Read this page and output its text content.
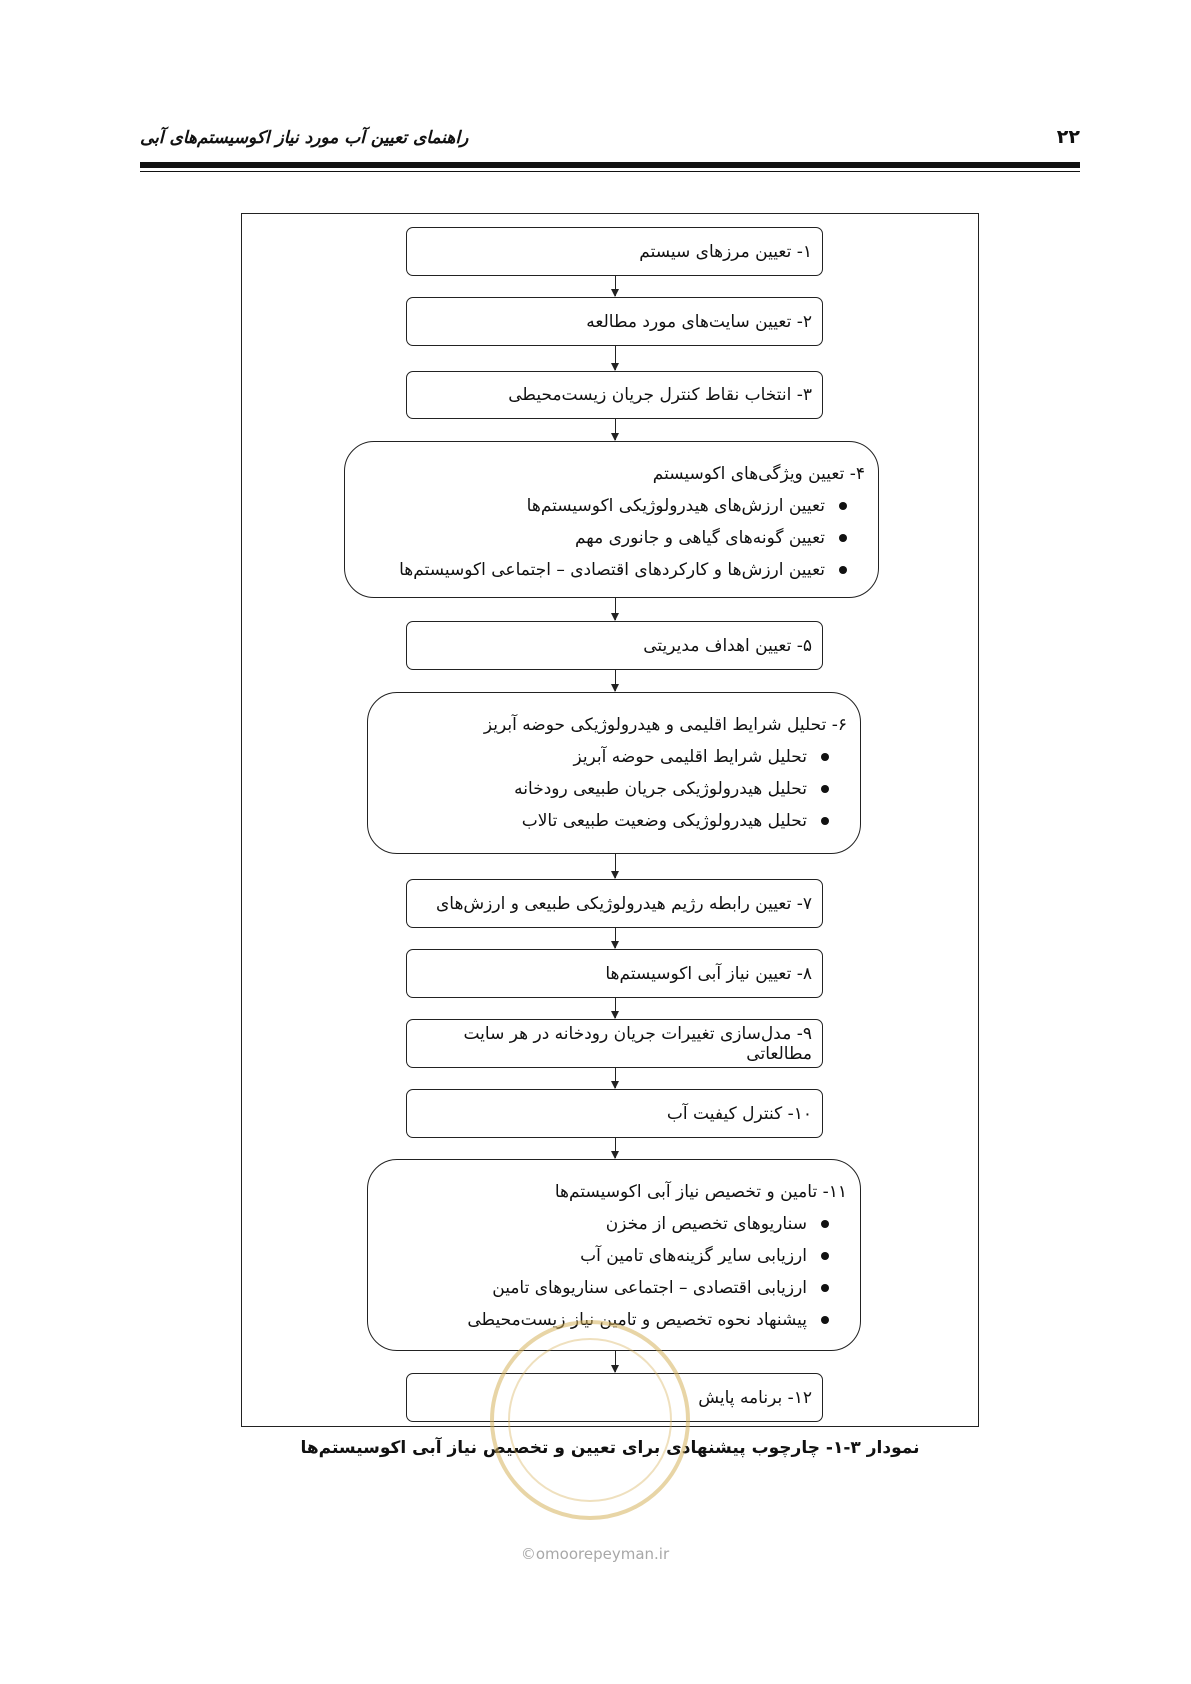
راهنمای تعیین آب مورد نیاز اکوسیستم‌های آبی	۲۲
۱- تعیین مرزهای سیستم
۲- تعیین سایت‌های مورد مطالعه
۳- انتخاب نقاط کنترل جریان زیست‌محیطی
۴- تعیین ویژگی‌های اکوسیستم
تعیین ارزش‌های هیدرولوژیکی اکوسیستم‌ها
تعیین گونه‌های گیاهی و جانوری مهم
تعیین ارزش‌ها و کارکردهای اقتصادی – اجتماعی اکوسیستم‌ها
۵- تعیین اهداف مدیریتی
۶- تحلیل شرایط اقلیمی و هیدرولوژیکی حوضه آبریز
تحلیل شرایط اقلیمی حوضه آبریز
تحلیل هیدرولوژیکی جریان طبیعی رودخانه
تحلیل هیدرولوژیکی وضعیت طبیعی تالاب
۷- تعیین رابطه رژیم هیدرولوژیکی طبیعی و ارزش‌های
۸- تعیین نیاز آبی اکوسیستم‌ها
۹- مدل‌سازی تغییرات جریان رودخانه در هر سایت مطالعاتی
۱۰- کنترل کیفیت آب
۱۱- تامین و تخصیص نیاز آبی اکوسیستم‌ها
سناریوهای تخصیص از مخزن
ارزیابی سایر گزینه‌های تامین آب
ارزیابی اقتصادی – اجتماعی سناریوهای تامین
پیشنهاد نحوه تخصیص و تامین نیاز زیست‌محیطی
۱۲- برنامه پایش
نمودار ۳-۱- چارچوب پیشنهادی برای تعیین و تخصیص نیاز آبی اکوسیستم‌ها
©omoorepeyman.ir
